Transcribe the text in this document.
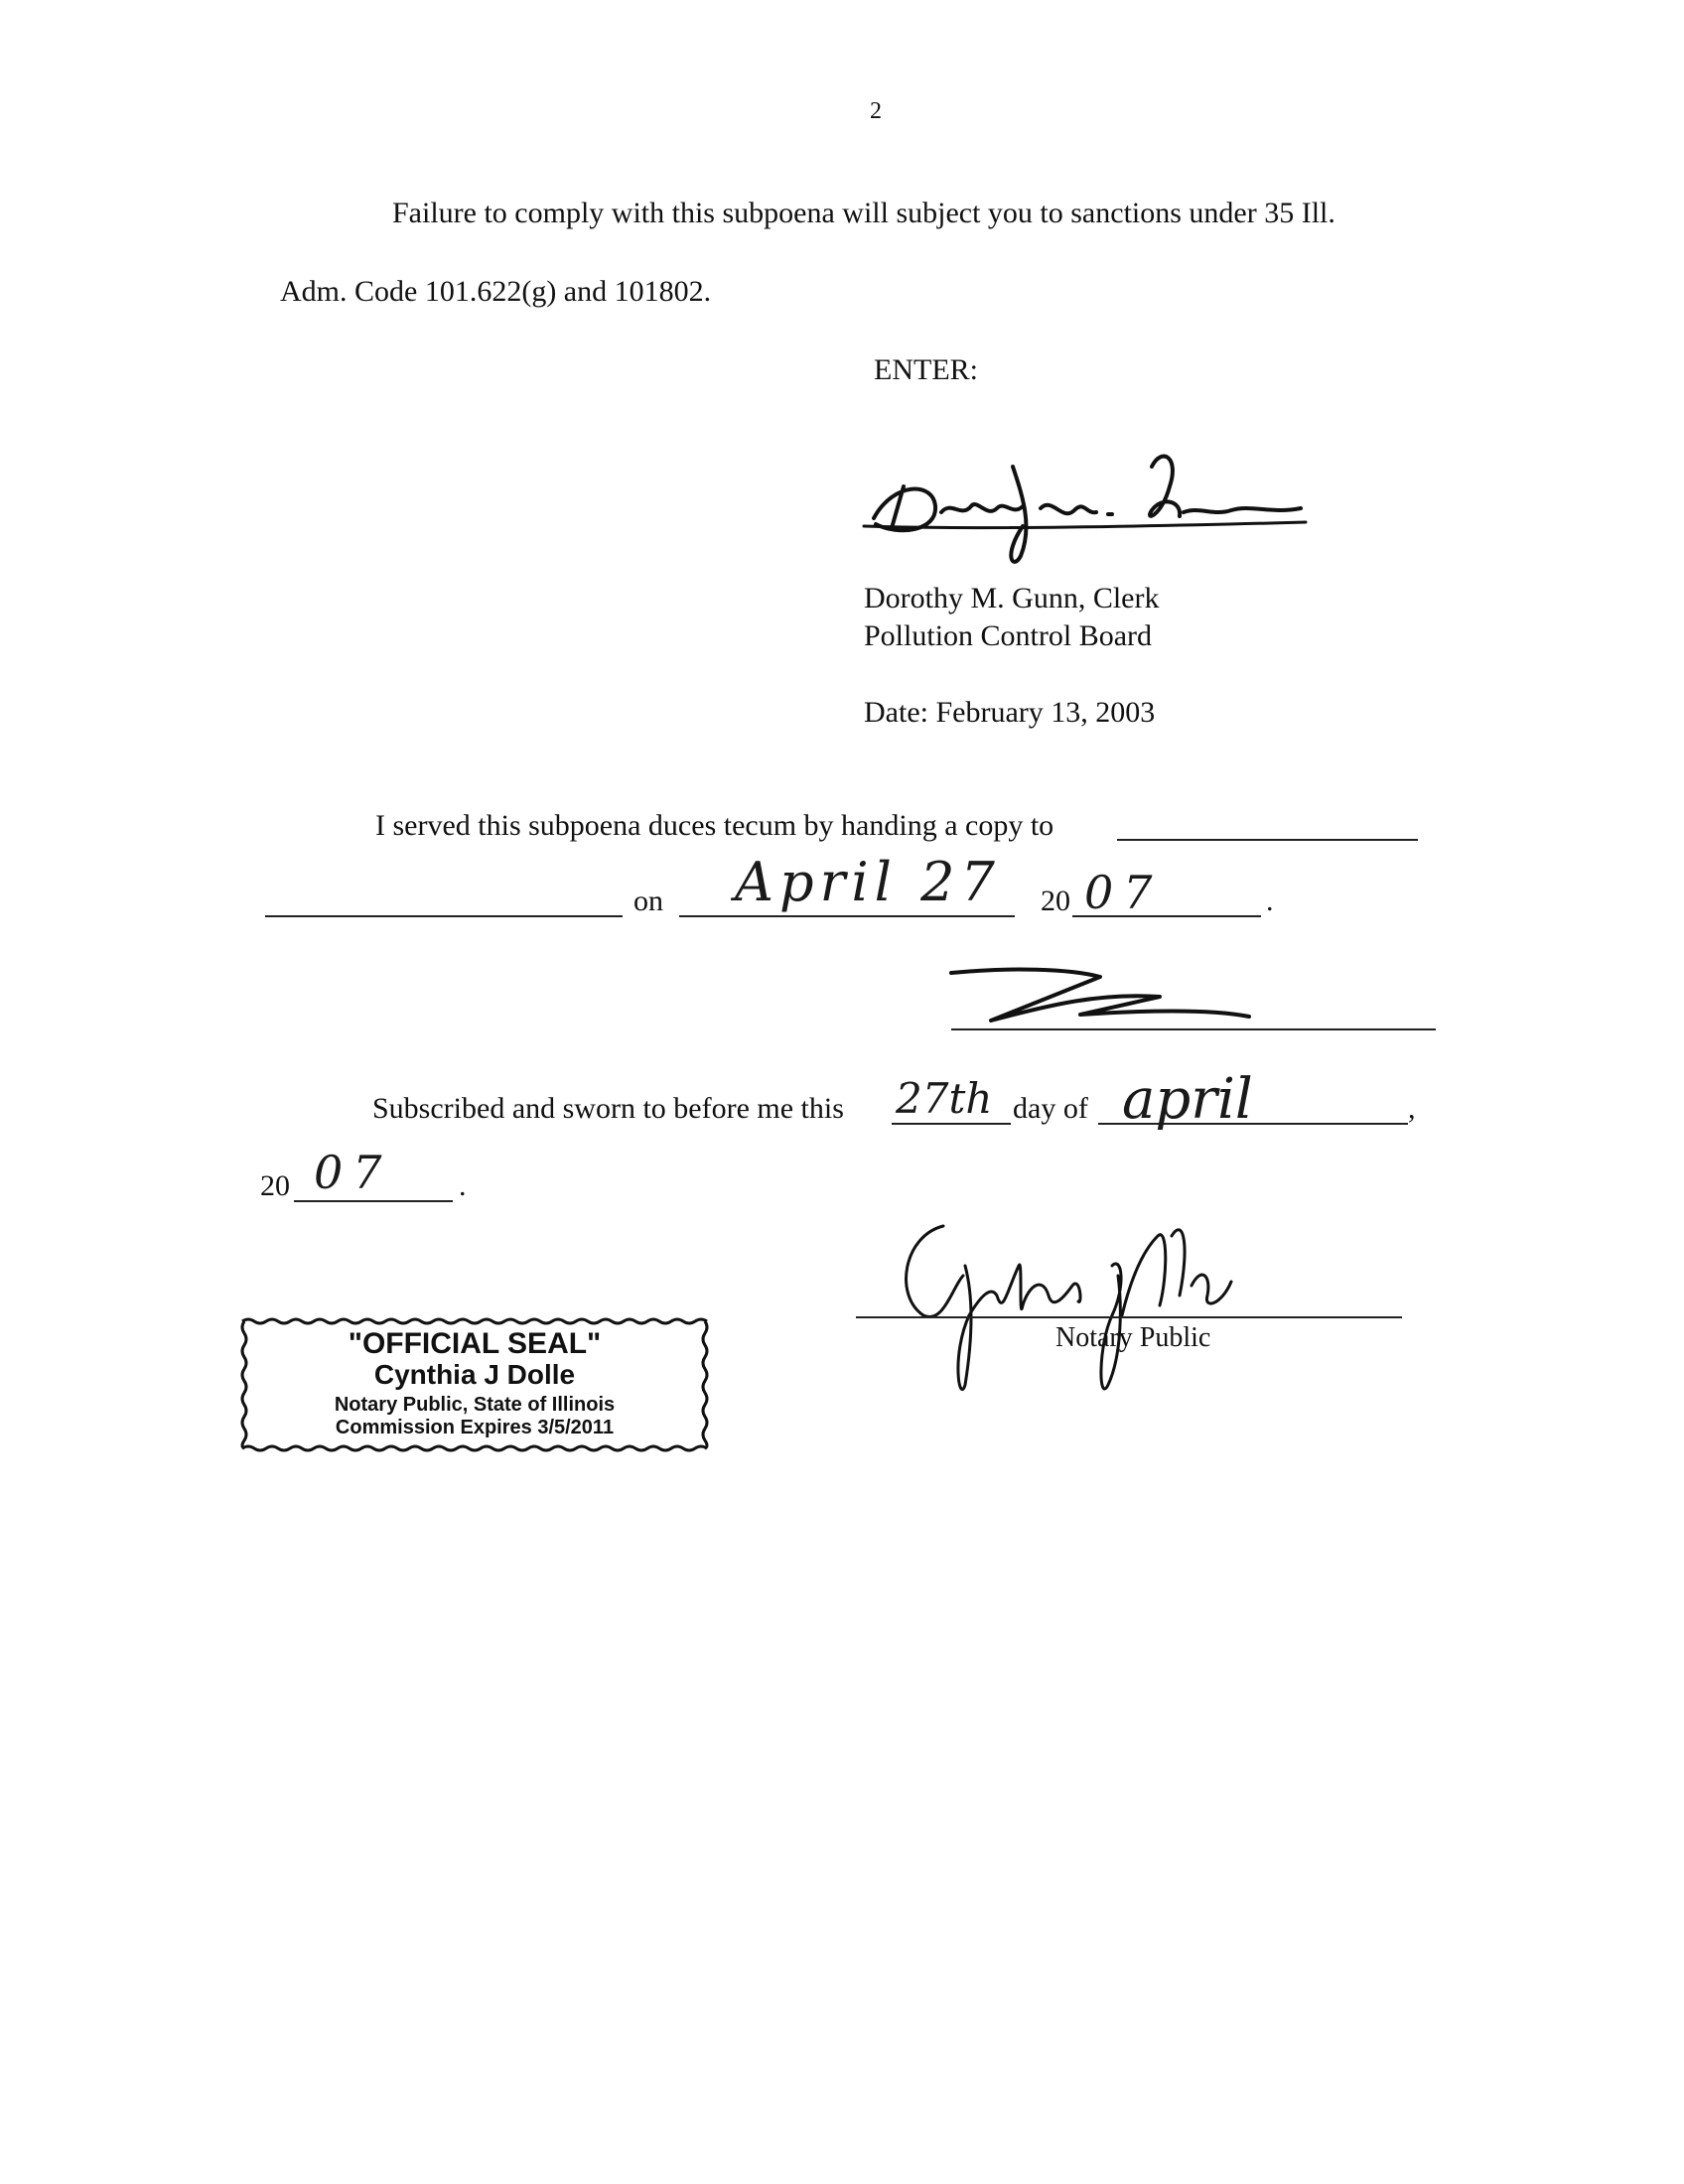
2
Failure to comply with this subpoena will subject you to sanctions under 35 Ill.
Adm. Code 101.622(g) and 101802.
ENTER:
Dorothy M. Gunn, Clerk
Pollution Control Board
Date: February 13, 2003
I served this subpoena duces tecum by handing a copy to
on April 27 20 07	.
Subscribed and sworn to before me this 27th day of april	,
20 07 .
Notary Public
"OFFICIAL SEAL"
Cynthia J Dolle
Notary Public, State of Illinois
Commission Expires 3/5/2011
